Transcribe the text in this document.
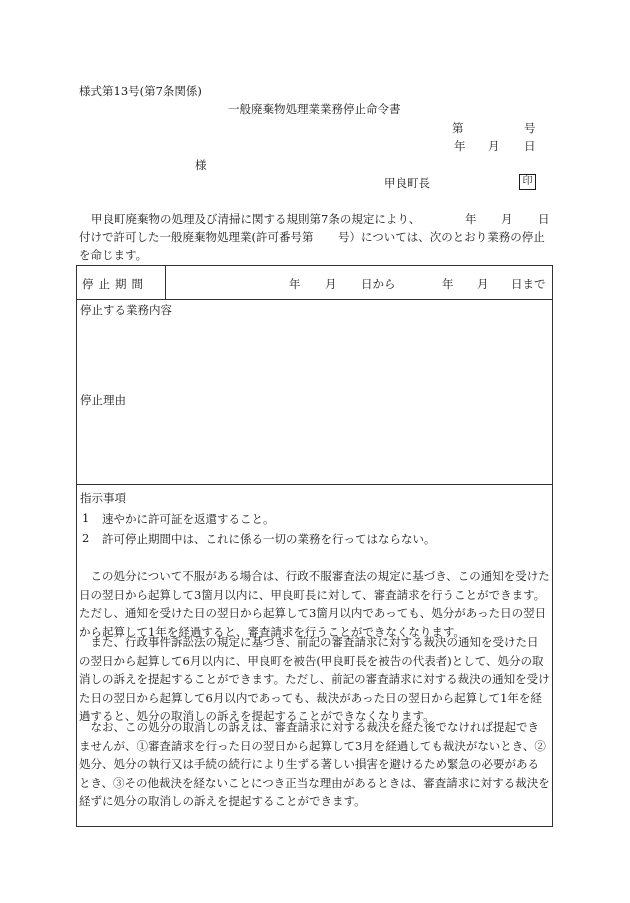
様式第13号(第7条関係)
一般廃棄物処理業業務停止命令書
第	号
年 月 日
様
甲良町長	印
甲良町廃棄物の処理及び清掃に関する規則第7条の規定により、	年 月 日
付けで許可した一般廃棄物処理業(許可番号第 号）については、次のとおり業務の停止
を命じます。
停止期間	年 月 日から	年 月 日まで
停止する業務内容
停止理由
指示事項
1 速やかに許可証を返還すること。
2 許可停止期間中は、これに係る一切の業務を行ってはならない。
この処分について不服がある場合は、行政不服審査法の規定に基づき、この通知を受けた日の翌日から起算して3箇月以内に、甲良町長に対して、審査請求を行うことができます。ただし、通知を受けた日の翌日から起算して3箇月以内であっても、処分があった日の翌日から起算して1年を経過すると、審査請求を行うことができなくなります。
また、行政事件訴訟法の規定に基づき、前記の審査請求に対する裁決の通知を受けた日の翌日から起算して6月以内に、甲良町を被告(甲良町長を被告の代表者)として、処分の取消しの訴えを提起することができます。ただし、前記の審査請求に対する裁決の通知を受けた日の翌日から起算して6月以内であっても、裁決があった日の翌日から起算して1年を経過すると、処分の取消しの訴えを提起することができなくなります。
なお、この処分の取消しの訴えは、審査請求に対する裁決を経た後でなければ提起できませんが、①審査請求を行った日の翌日から起算して3月を経過しても裁決がないとき、②処分、処分の執行又は手続の続行により生ずる著しい損害を避けるため緊急の必要があるとき、③その他裁決を経ないことにつき正当な理由があるときは、審査請求に対する裁決を経ずに処分の取消しの訴えを提起することができます。
